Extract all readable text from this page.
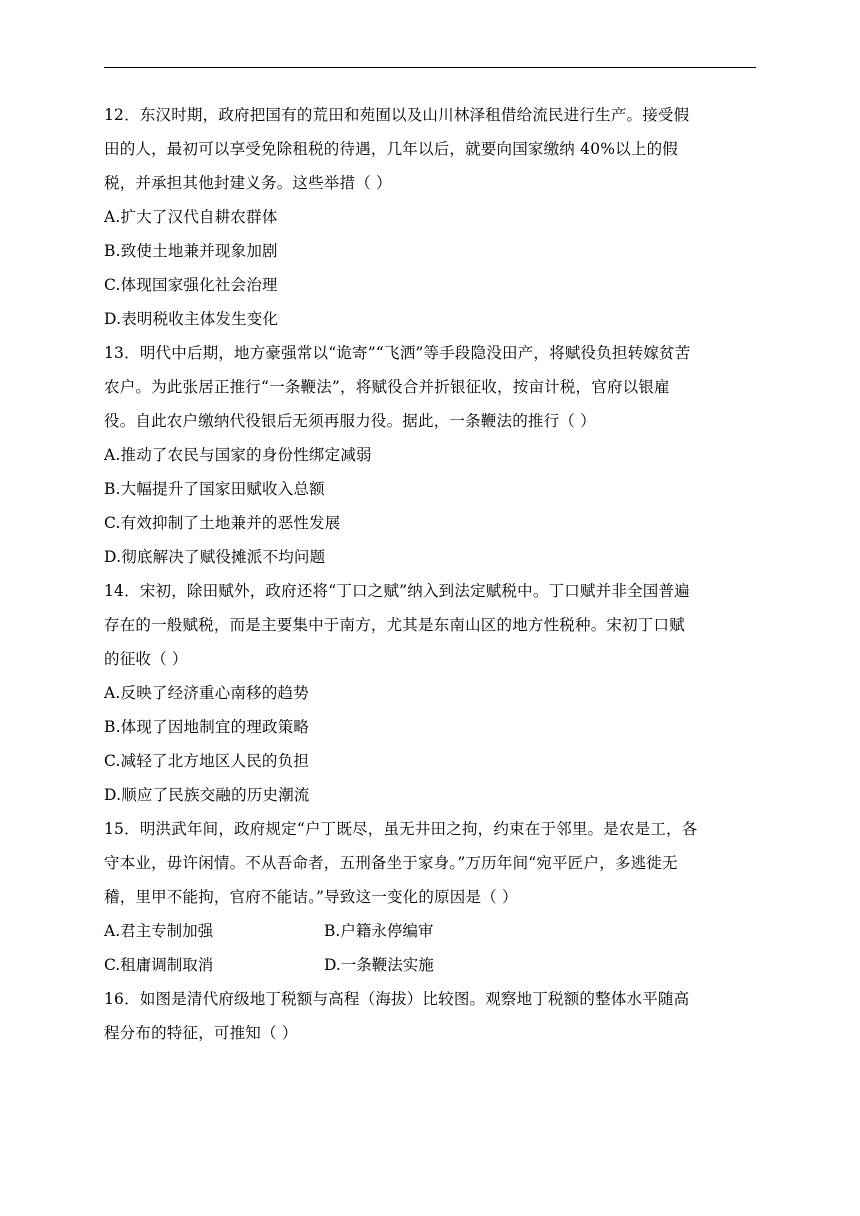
12．东汉时期，政府把国有的荒田和苑囿以及山川林泽租借给流民进行生产。接受假
田的人，最初可以享受免除租税的待遇，几年以后，就要向国家缴纳 40%以上的假
税，并承担其他封建义务。这些举措（ ）
A.扩大了汉代自耕农群体
B.致使土地兼并现象加剧
C.体现国家强化社会治理
D.表明税收主体发生变化
13．明代中后期，地方豪强常以“诡寄”“飞洒”等手段隐没田产，将赋役负担转嫁贫苦
农户。为此张居正推行“一条鞭法”，将赋役合并折银征收，按亩计税，官府以银雇
役。自此农户缴纳代役银后无须再服力役。据此，一条鞭法的推行（ ）
A.推动了农民与国家的身份性绑定减弱
B.大幅提升了国家田赋收入总额
C.有效抑制了土地兼并的恶性发展
D.彻底解决了赋役摊派不均问题
14．宋初，除田赋外，政府还将“丁口之赋”纳入到法定赋税中。丁口赋并非全国普遍
存在的一般赋税，而是主要集中于南方，尤其是东南山区的地方性税种。宋初丁口赋
的征收（ ）
A.反映了经济重心南移的趋势
B.体现了因地制宜的理政策略
C.减轻了北方地区人民的负担
D.顺应了民族交融的历史潮流
15．明洪武年间，政府规定“户丁既尽，虽无井田之拘，约束在于邻里。是农是工，各
守本业，毋许闲情。不从吾命者，五刑备坐于家身。”万历年间“宛平匠户，多逃徙无
稽，里甲不能拘，官府不能诘。”导致这一变化的原因是（ ）
A.君主专制加强	B.户籍永停编审
C.租庸调制取消	D.一条鞭法实施
16．如图是清代府级地丁税额与高程（海拔）比较图。观察地丁税额的整体水平随高
程分布的特征，可推知（ ）
